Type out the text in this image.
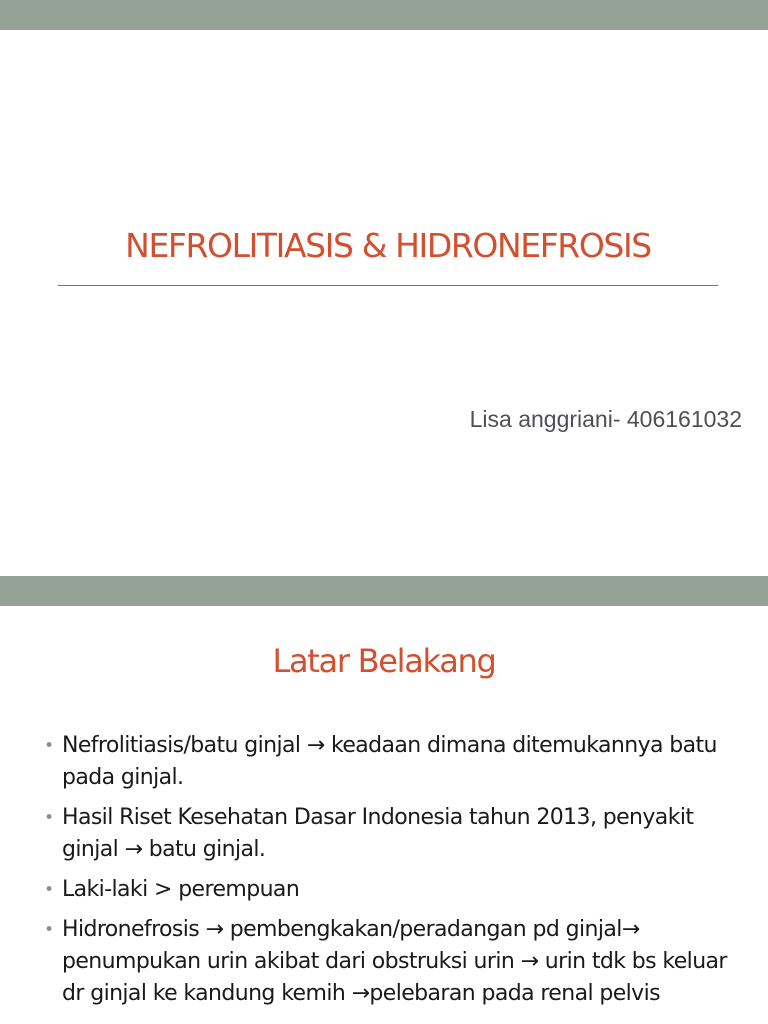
NEFROLITIASIS & HIDRONEFROSIS
Lisa anggriani- 406161032
Latar Belakang
• Nefrolitiasis/batu ginjal → keadaan dimana ditemukannya batu pada ginjal.
• Hasil Riset Kesehatan Dasar Indonesia tahun 2013, penyakit ginjal → batu ginjal.
• Laki-laki > perempuan
• Hidronefrosis → pembengkakan/peradangan pd ginjal→ penumpukan urin akibat dari obstruksi urin → urin tdk bs keluar dr ginjal ke kandung kemih →pelebaran pada renal pelvis
